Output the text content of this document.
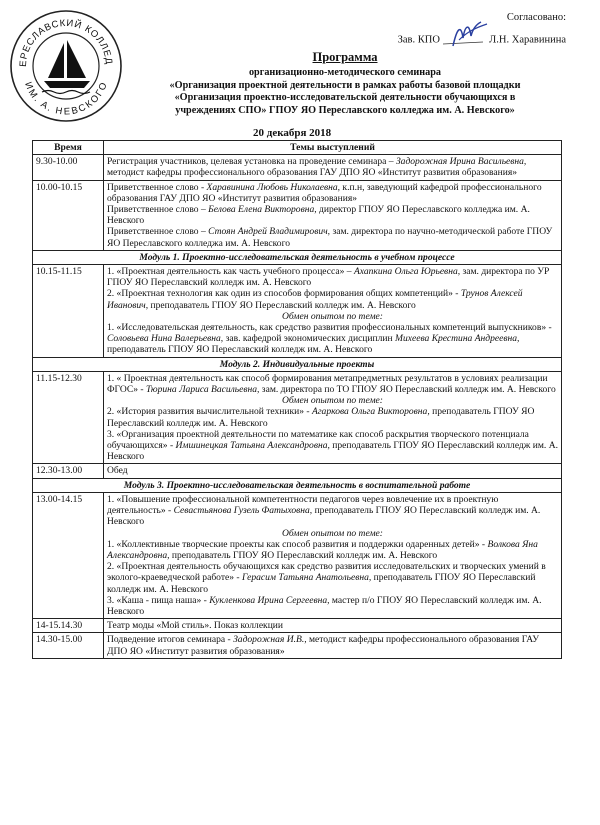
ЕРЕСЛАВСКИЙ КОЛЛЕД
ИМ. А. НЕВСКОГО
Согласовано:
Зав. КПО	Л.Н. Харавинина
Программа
организационно-методического семинара
«Организация проектной деятельности в рамках работы базовой площадки
«Организация проектно-исследовательской деятельности обучающихся в
учреждениях СПО» ГПОУ ЯО Переславского колледжа им. А. Невского»
20 декабря 2018
Время	Темы выступлений
9.30-10.00	Регистрация участников, целевая установка на проведение семинара – Задорожная Ирина Васильевна, методист кафедры профессионального образования ГАУ ДПО ЯО «Институт развития образования»
10.00-10.15	Приветственное слово - Харавинина Любовь Николаевна, к.п.н, заведующий кафедрой профессионального образования ГАУ ДПО ЯО «Институт развития образования»

Приветственное слово – Белова Елена Викторовна, директор ГПОУ ЯО Переславского колледжа им. А. Невского

Приветственное слово – Стоян Андрей Владимирович, зам. директора по научно-методической работе ГПОУ ЯО Переславского колледжа им. А. Невского

Модуль 1. Проектно-исследовательская деятельность в учебном процессе	
10.15-11.15	1. «Проектная деятельность как часть учебного процесса» – Ахапкина Ольга Юрьевна, зам. директора по УР ГПОУ ЯО Переславский колледж им. А. Невского

2. «Проектная технология как один из способов формирования общих компетенций» - Трунов Алексей Иванович, преподаватель ГПОУ ЯО Переславский колледж им. А. Невского

Обмен опытом по теме:

1. «Исследовательская деятельность, как средство развития профессиональных компетенций выпускников» - Соловьева Нина Валерьевна, зав. кафедрой экономических дисциплин Михеева Крестина Андреевна, преподаватель ГПОУ ЯО Переславский колледж им. А. Невского

Модуль 2. Индивидуальные проекты	
11.15-12.30	1. « Проектная деятельность как способ формирования метапредметных результатов в условиях реализации ФГОС» - Тюрина Лариса Васильевна, зам. директора по ТО ГПОУ ЯО Переславский колледж им. А. Невского

Обмен опытом по теме:

2. «История развития вычислительной техники» - Агаркова Ольга Викторовна, преподаватель ГПОУ ЯО Переславский колледж им. А. Невского

3. «Организация проектной деятельности по математике как способ раскрытия творческого потенциала обучающихся» - Имшинецкая Татьяна Александровна, преподаватель ГПОУ ЯО Переславский колледж им. А. Невского

12.30-13.00	Обед
Модуль 3. Проектно-исследовательская деятельность в воспитательной работе	
13.00-14.15	1. «Повышение профессиональной компетентности педагогов через вовлечение их в проектную деятельность» - Севастьянова Гузель Фатыховна, преподаватель ГПОУ ЯО Переславский колледж им. А. Невского

Обмен опытом по теме:

1. «Коллективные творческие проекты как способ развития и поддержки одаренных детей» - Волкова Яна Александровна, преподаватель ГПОУ ЯО Переславский колледж им. А. Невского

2. «Проектная деятельность обучающихся как средство развития исследовательских и творческих умений в эколого-краеведческой работе» - Герасим Татьяна Анатольевна, преподаватель ГПОУ ЯО Переславский колледж им. А. Невского

3. «Каша - пища наша» - Кукленкова Ирина Сергеевна, мастер п/о ГПОУ ЯО Переславский колледж им. А. Невского

14-15.14.30	Театр моды «Мой стиль». Показ коллекции
14.30-15.00	Подведение итогов семинара - Задорожная И.В., методист кафедры профессионального образования ГАУ ДПО ЯО «Институт развития образования»
